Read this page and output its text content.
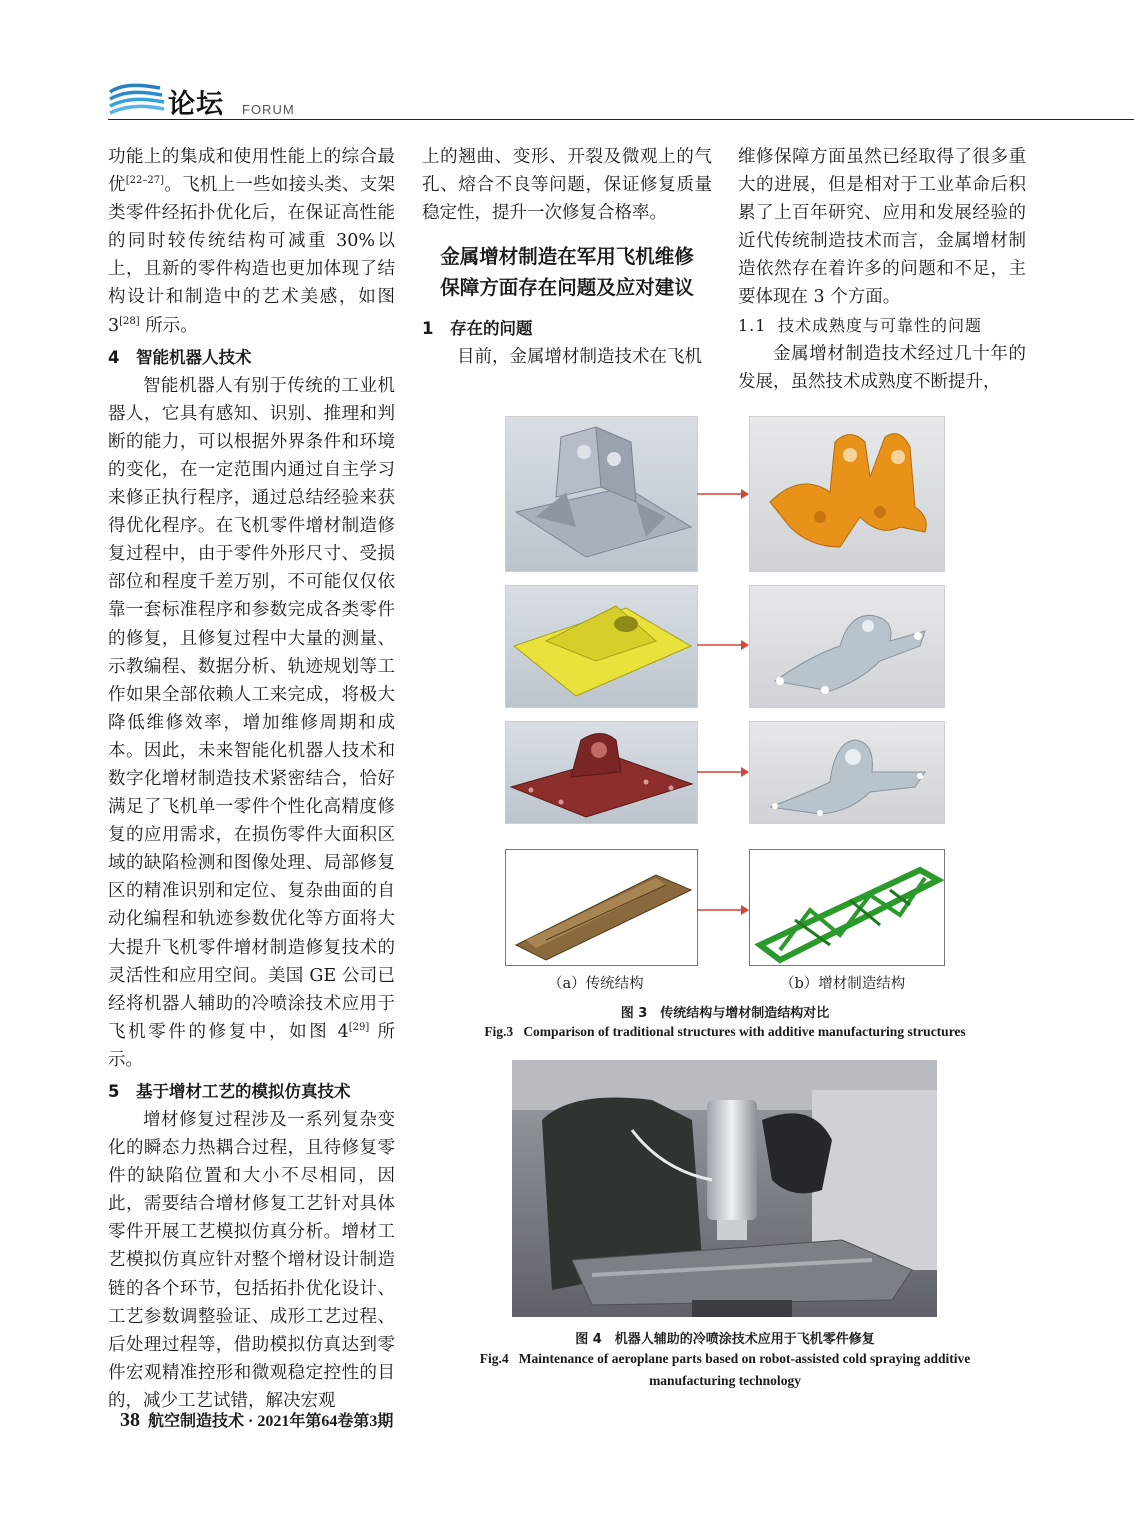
论坛 FORUM

功能上的集成和使用性能上的综合最优[22–27]。飞机上一些如接头类、支架类零件经拓扑优化后，在保证高性能的同时较传统结构可减重 30%以上，且新的零件构造也更加体现了结构设计和制造中的艺术美感，如图 3[28] 所示。

4 智能机器人技术

智能机器人有别于传统的工业机器人，它具有感知、识别、推理和判断的能力，可以根据外界条件和环境的变化，在一定范围内通过自主学习来修正执行程序，通过总结经验来获得优化程序。在飞机零件增材制造修复过程中，由于零件外形尺寸、受损部位和程度千差万别，不可能仅仅依靠一套标准程序和参数完成各类零件的修复，且修复过程中大量的测量、示教编程、数据分析、轨迹规划等工作如果全部依赖人工来完成，将极大降低维修效率，增加维修周期和成本。因此，未来智能化机器人技术和数字化增材制造技术紧密结合，恰好满足了飞机单一零件个性化高精度修复的应用需求，在损伤零件大面积区域的缺陷检测和图像处理、局部修复区的精准识别和定位、复杂曲面的自动化编程和轨迹参数优化等方面将大大提升飞机零件增材制造修复技术的灵活性和应用空间。美国 GE 公司已经将机器人辅助的冷喷涂技术应用于飞机零件的修复中，如图 4[29] 所示。

5 基于增材工艺的模拟仿真技术

增材修复过程涉及一系列复杂变化的瞬态力热耦合过程，且待修复零件的缺陷位置和大小不尽相同，因此，需要结合增材修复工艺针对具体零件开展工艺模拟仿真分析。增材工艺模拟仿真应针对整个增材设计制造链的各个环节，包括拓扑优化设计、工艺参数调整验证、成形工艺过程、后处理过程等，借助模拟仿真达到零件宏观精准控形和微观稳定控性的目的，减少工艺试错，解决宏观

上的翘曲、变形、开裂及微观上的气孔、熔合不良等问题，保证修复质量稳定性，提升一次修复合格率。

金属增材制造在军用飞机维修保障方面存在问题及应对建议

1 存在的问题

目前，金属增材制造技术在飞机

维修保障方面虽然已经取得了很多重大的进展，但是相对于工业革命后积累了上百年研究、应用和发展经验的近代传统制造技术而言，金属增材制造依然存在着许多的问题和不足，主要体现在 3 个方面。

1.1 技术成熟度与可靠性的问题

金属增材制造技术经过几十年的发展，虽然技术成熟度不断提升，

（a）传统结构	（b）增材制造结构
图 3　传统结构与增材制造结构对比
Fig.3 Comparison of traditional structures with additive manufacturing structures
图 4　机器人辅助的冷喷涂技术应用于飞机零件修复
Fig.4 Maintenance of aeroplane parts based on robot-assisted cold spraying additive
manufacturing technology
38 航空制造技术 · 2021年第64卷第3期
